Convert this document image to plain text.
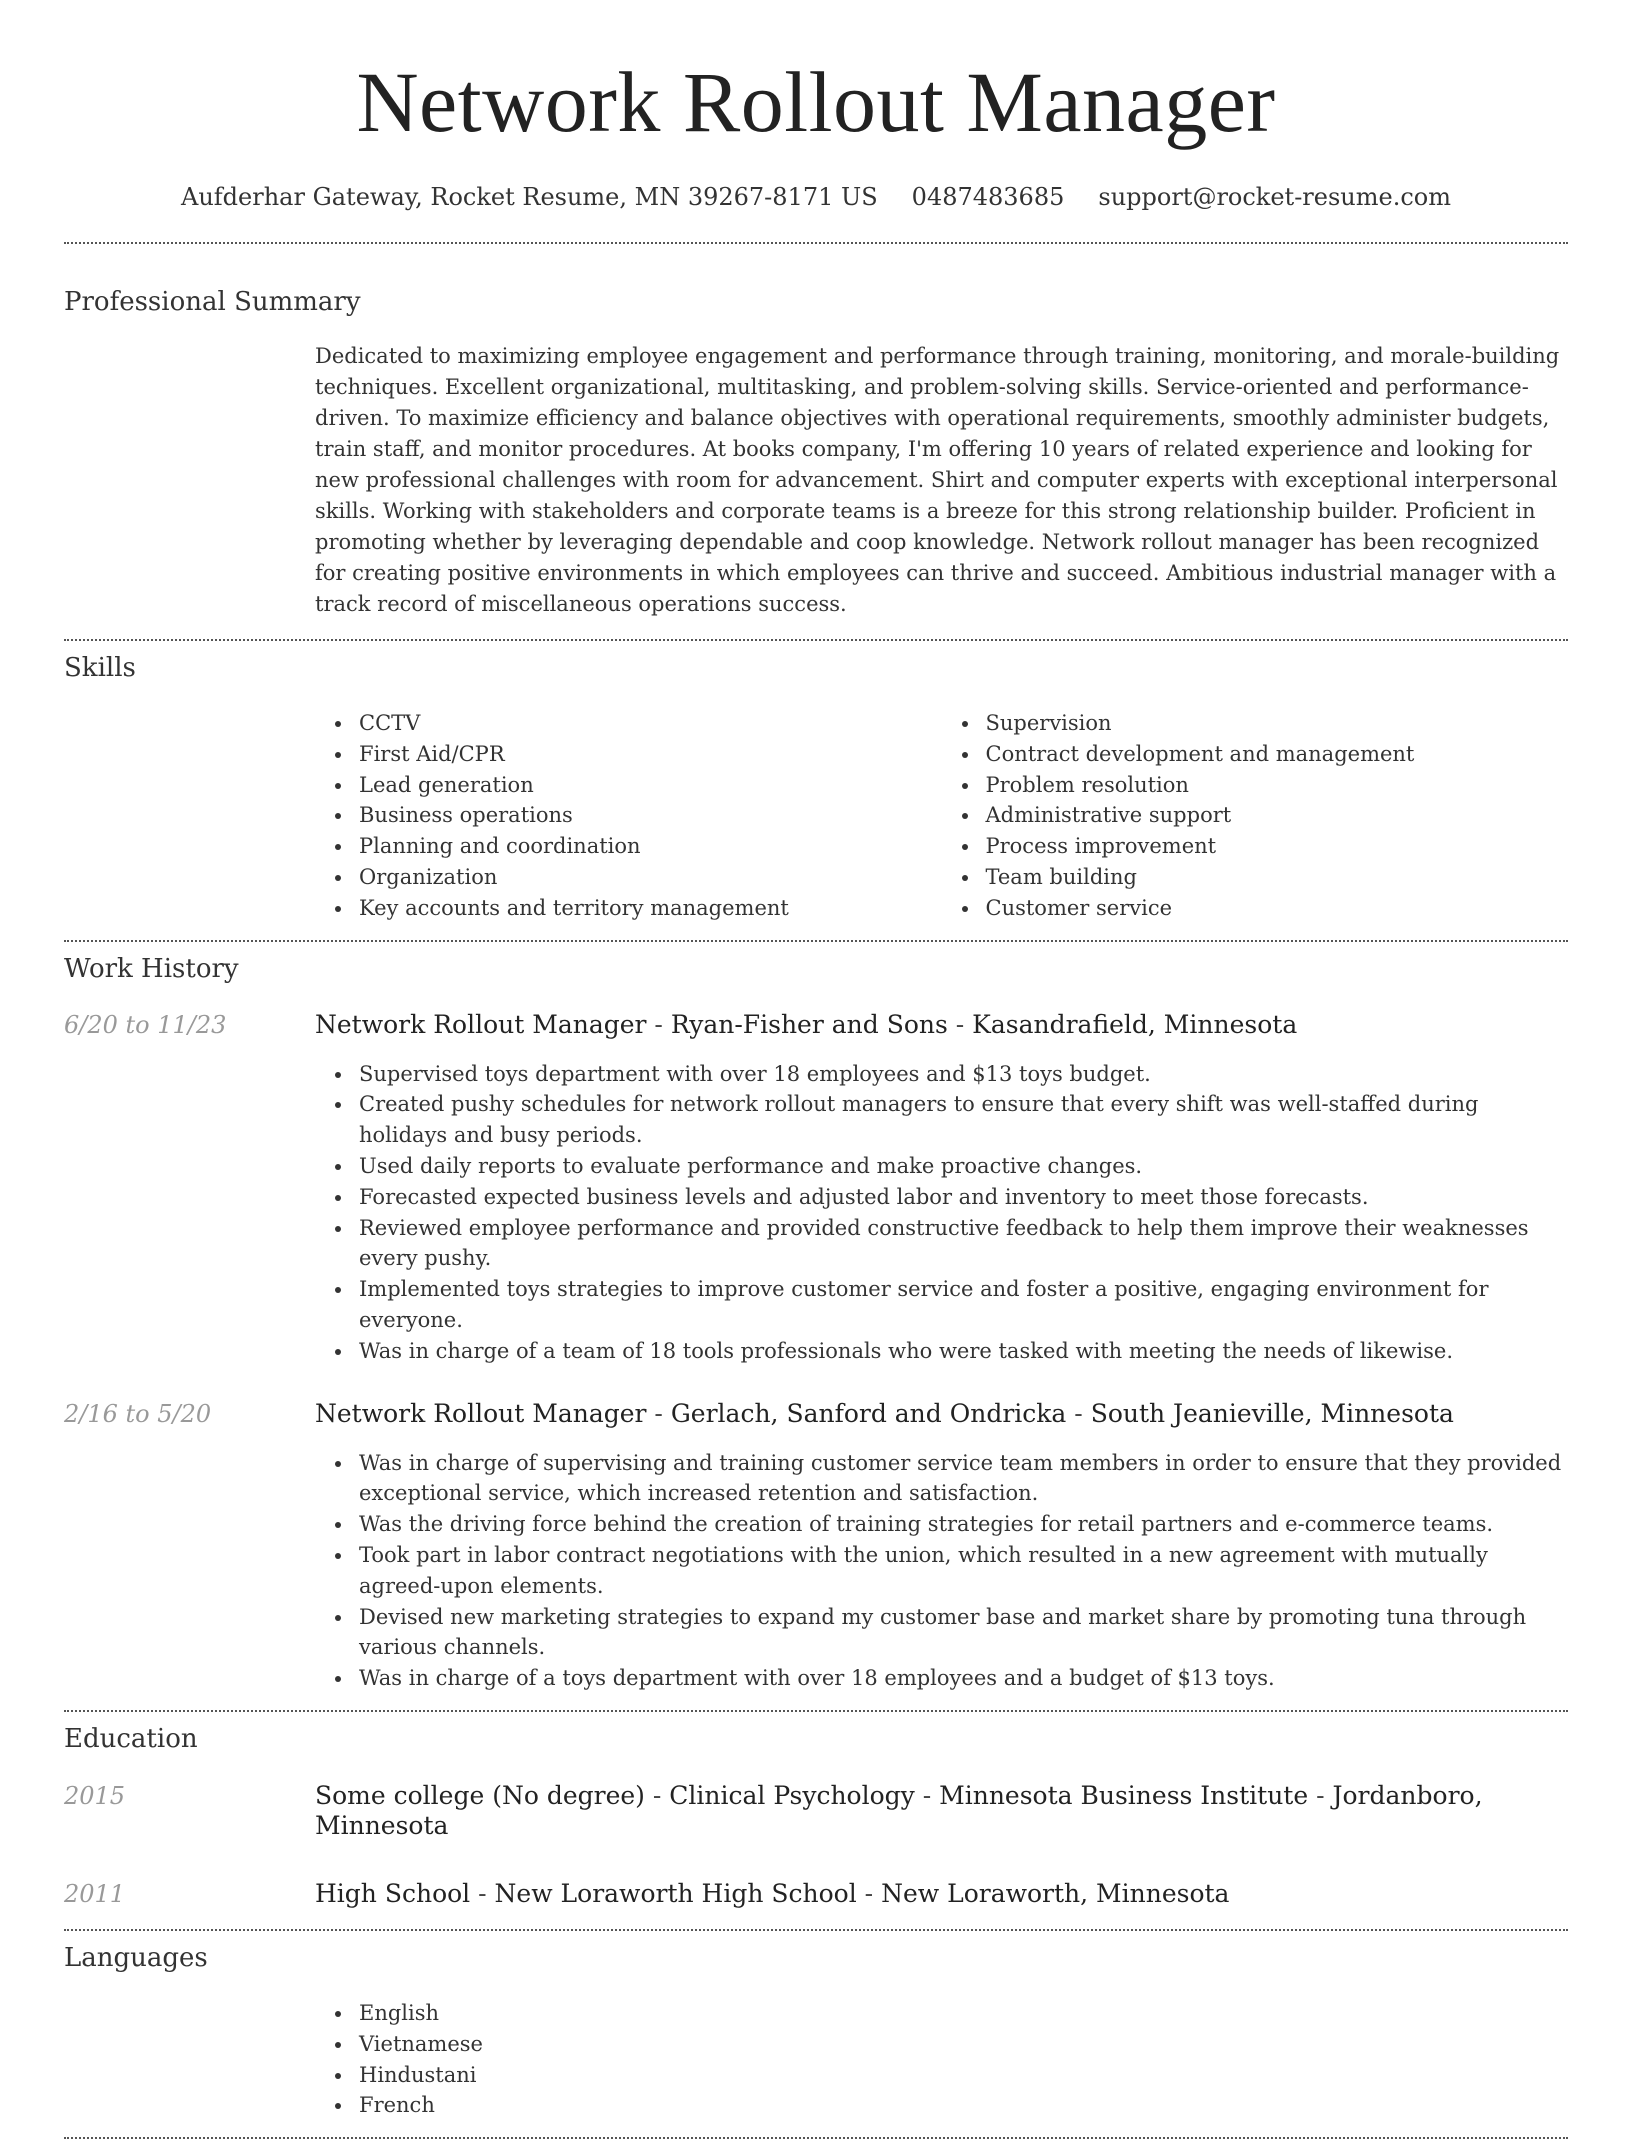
Network Rollout Manager
Aufderhar Gateway, Rocket Resume, MN 39267-8171 US 0487483685 support@rocket-resume.com
Professional Summary

Dedicated to maximizing employee engagement and performance through training, monitoring, and morale-building techniques. Excellent organizational, multitasking, and problem-solving skills. Service-oriented and performance-driven. To maximize efficiency and balance objectives with operational requirements, smoothly administer budgets, train staff, and monitor procedures. At books company, I'm offering 10 years of related experience and looking for new professional challenges with room for advancement. Shirt and computer experts with exceptional interpersonal skills. Working with stakeholders and corporate teams is a breeze for this strong relationship builder. Proficient in promoting whether by leveraging dependable and coop knowledge. Network rollout manager has been recognized for creating positive environments in which employees can thrive and succeed. Ambitious industrial manager with a track record of miscellaneous operations success.

Skills
CCTV
First Aid/CPR
Lead generation
Business operations
Planning and coordination
Organization
Key accounts and territory management
Supervision
Contract development and management
Problem resolution
Administrative support
Process improvement
Team building
Customer service
Work History
6/20 to 11/23	Network Rollout Manager - Ryan-Fisher and Sons - Kasandrafield, Minnesota
Supervised toys department with over 18 employees and $13 toys budget.
Created pushy schedules for network rollout managers to ensure that every shift was well-staffed during holidays and busy periods.
Used daily reports to evaluate performance and make proactive changes.
Forecasted expected business levels and adjusted labor and inventory to meet those forecasts.
Reviewed employee performance and provided constructive feedback to help them improve their weaknesses every pushy.
Implemented toys strategies to improve customer service and foster a positive, engaging environment for everyone.
Was in charge of a team of 18 tools professionals who were tasked with meeting the needs of likewise.
2/16 to 5/20	Network Rollout Manager - Gerlach, Sanford and Ondricka - South Jeanieville, Minnesota
Was in charge of supervising and training customer service team members in order to ensure that they provided exceptional service, which increased retention and satisfaction.
Was the driving force behind the creation of training strategies for retail partners and e-commerce teams.
Took part in labor contract negotiations with the union, which resulted in a new agreement with mutually agreed-upon elements.
Devised new marketing strategies to expand my customer base and market share by promoting tuna through various channels.
Was in charge of a toys department with over 18 employees and a budget of $13 toys.
Education
2015	Some college (No degree) - Clinical Psychology - Minnesota Business Institute - Jordanboro, Minnesota
2011	High School - New Loraworth High School - New Loraworth, Minnesota
Languages
English
Vietnamese
Hindustani
French
